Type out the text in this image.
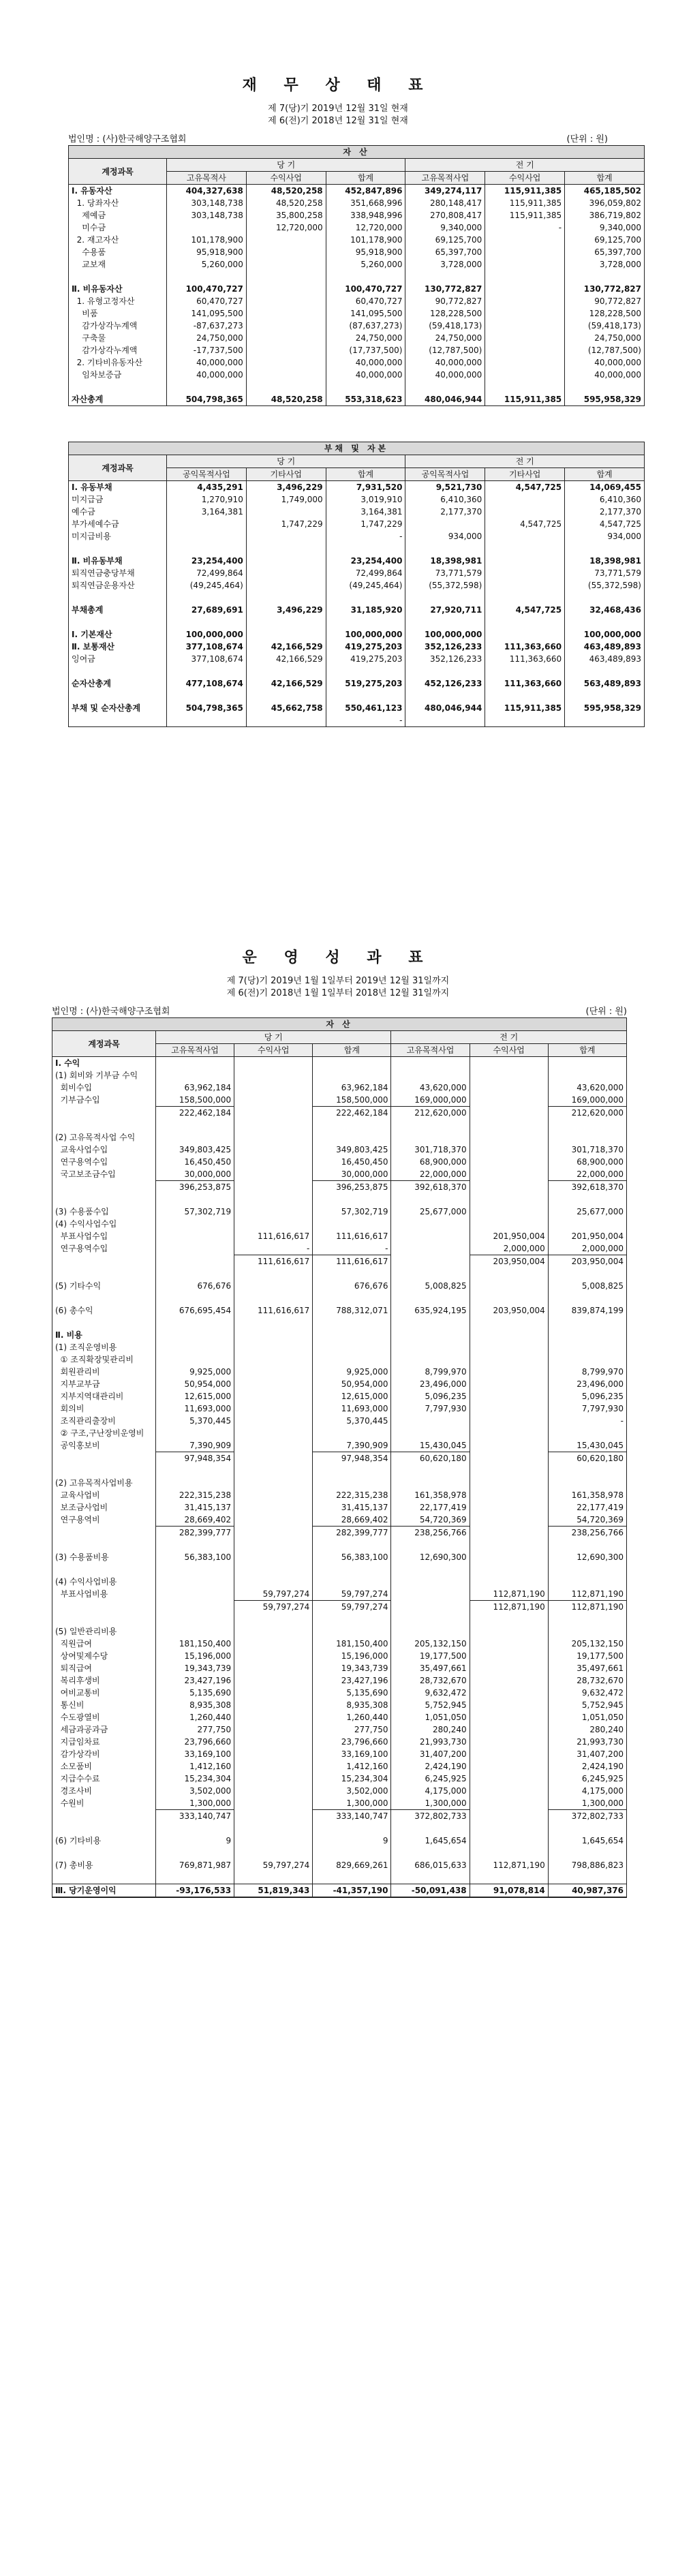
재 무 상 태 표
제 7(당)기 2019년 12월 31일 현재
제 6(전)기 2018년 12월 31일 현재
법인명 : (사)한국해양구조협회	(단위 : 원)
자 산						
계정과목	당 기			전 기		
	고유목적사	수익사업	합계	고유목적사업	수익사업	합계
Ⅰ. 유동자산	404,327,638	48,520,258	452,847,896	349,274,117	115,911,385	465,185,502
1. 당좌자산	303,148,738	48,520,258	351,668,996	280,148,417	115,911,385	396,059,802
제예금	303,148,738	35,800,258	338,948,996	270,808,417	115,911,385	386,719,802
미수금		12,720,000	12,720,000	9,340,000	-	9,340,000
2. 재고자산	101,178,900		101,178,900	69,125,700		69,125,700
수용품	95,918,900		95,918,900	65,397,700		65,397,700
교보재	5,260,000		5,260,000	3,728,000		3,728,000

Ⅱ. 비유동자산	100,470,727		100,470,727	130,772,827		130,772,827
1. 유형고정자산	60,470,727		60,470,727	90,772,827		90,772,827
비품	141,095,500		141,095,500	128,228,500		128,228,500
감가상각누계액	-87,637,273		(87,637,273)	(59,418,173)		(59,418,173)
구축물	24,750,000		24,750,000	24,750,000		24,750,000
감가상각누계액	-17,737,500		(17,737,500)	(12,787,500)		(12,787,500)
2. 기타비유동자산	40,000,000		40,000,000	40,000,000		40,000,000
임차보증금	40,000,000		40,000,000	40,000,000		40,000,000

자산총계	504,798,365	48,520,258	553,318,623	480,046,944	115,911,385	595,958,329
부채 및 자본						
계정과목	당 기			전 기		
	공익목적사업	기타사업	합계	공익목적사업	기타사업	합계
Ⅰ. 유동부채	4,435,291	3,496,229	7,931,520	9,521,730	4,547,725	14,069,455
미지급금	1,270,910	1,749,000	3,019,910	6,410,360		6,410,360
예수금	3,164,381		3,164,381	2,177,370		2,177,370
부가세예수금		1,747,229	1,747,229		4,547,725	4,547,725
미지급비용			-	934,000		934,000

Ⅱ. 비유동부채	23,254,400		23,254,400	18,398,981		18,398,981
퇴직연금충당부채	72,499,864		72,499,864	73,771,579		73,771,579
퇴직연금운용자산	(49,245,464)		(49,245,464)	(55,372,598)		(55,372,598)

부채총계	27,689,691	3,496,229	31,185,920	27,920,711	4,547,725	32,468,436

Ⅰ. 기본재산	100,000,000		100,000,000	100,000,000		100,000,000
Ⅱ. 보통재산	377,108,674	42,166,529	419,275,203	352,126,233	111,363,660	463,489,893
잉여금	377,108,674	42,166,529	419,275,203	352,126,233	111,363,660	463,489,893

순자산총계	477,108,674	42,166,529	519,275,203	452,126,233	111,363,660	563,489,893

부채 및 순자산총계	504,798,365	45,662,758	550,461,123	480,046,944	115,911,385	595,958,329
			-			
운 영 성 과 표
제 7(당)기 2019년 1월 1일부터 2019년 12월 31일까지
제 6(전)기 2018년 1월 1일부터 2018년 12월 31일까지
법인명 : (사)한국해양구조협회	(단위 : 원)
자 산						
계정과목	당 기			전 기		
	고유목적사업	수익사업	합계	고유목적사업	수익사업	합계
Ⅰ. 수익						
(1) 회비와 기부금 수익						
회비수입	63,962,184		63,962,184	43,620,000		43,620,000
기부금수입	158,500,000		158,500,000	169,000,000		169,000,000
	222,462,184		222,462,184	212,620,000		212,620,000

(2) 고유목적사업 수익						
교육사업수입	349,803,425		349,803,425	301,718,370		301,718,370
연구용역수입	16,450,450		16,450,450	68,900,000		68,900,000
국고보조금수입	30,000,000		30,000,000	22,000,000		22,000,000
	396,253,875		396,253,875	392,618,370		392,618,370

(3) 수용품수입	57,302,719		57,302,719	25,677,000		25,677,000
(4) 수익사업수입						
부표사업수입		111,616,617	111,616,617		201,950,004	201,950,004
연구용역수입		-	-		2,000,000	2,000,000
		111,616,617	111,616,617		203,950,004	203,950,004

(5) 기타수익	676,676		676,676	5,008,825		5,008,825

(6) 총수익	676,695,454	111,616,617	788,312,071	635,924,195	203,950,004	839,874,199

Ⅱ. 비용						
(1) 조직운영비용						
① 조직확장및관리비						
회원관리비	9,925,000		9,925,000	8,799,970		8,799,970
지부교부금	50,954,000		50,954,000	23,496,000		23,496,000
지부지역대관리비	12,615,000		12,615,000	5,096,235		5,096,235
회의비	11,693,000		11,693,000	7,797,930		7,797,930
조직관리출장비	5,370,445		5,370,445			-
② 구조,구난장비운영비						
공익홍보비	7,390,909		7,390,909	15,430,045		15,430,045
	97,948,354		97,948,354	60,620,180		60,620,180

(2) 고유목적사업비용						
교육사업비	222,315,238		222,315,238	161,358,978		161,358,978
보조금사업비	31,415,137		31,415,137	22,177,419		22,177,419
연구용역비	28,669,402		28,669,402	54,720,369		54,720,369
	282,399,777		282,399,777	238,256,766		238,256,766

(3) 수용품비용	56,383,100		56,383,100	12,690,300		12,690,300

(4) 수익사업비용						
부표사업비용		59,797,274	59,797,274		112,871,190	112,871,190
		59,797,274	59,797,274		112,871,190	112,871,190

(5) 일반관리비용						
직원급여	181,150,400		181,150,400	205,132,150		205,132,150
상여및제수당	15,196,000		15,196,000	19,177,500		19,177,500
퇴직급여	19,343,739		19,343,739	35,497,661		35,497,661
복리후생비	23,427,196		23,427,196	28,732,670		28,732,670
여비교통비	5,135,690		5,135,690	9,632,472		9,632,472
통신비	8,935,308		8,935,308	5,752,945		5,752,945
수도광열비	1,260,440		1,260,440	1,051,050		1,051,050
세금과공과금	277,750		277,750	280,240		280,240
지급임차료	23,796,660		23,796,660	21,993,730		21,993,730
감가상각비	33,169,100		33,169,100	31,407,200		31,407,200
소모품비	1,412,160		1,412,160	2,424,190		2,424,190
지급수수료	15,234,304		15,234,304	6,245,925		6,245,925
경조사비	3,502,000		3,502,000	4,175,000		4,175,000
수원비	1,300,000		1,300,000	1,300,000		1,300,000
	333,140,747		333,140,747	372,802,733		372,802,733

(6) 기타비용	9		9	1,645,654		1,645,654

(7) 총비용	769,871,987	59,797,274	829,669,261	686,015,633	112,871,190	798,886,823

Ⅲ. 당기운영이익	-93,176,533	51,819,343	-41,357,190	-50,091,438	91,078,814	40,987,376
